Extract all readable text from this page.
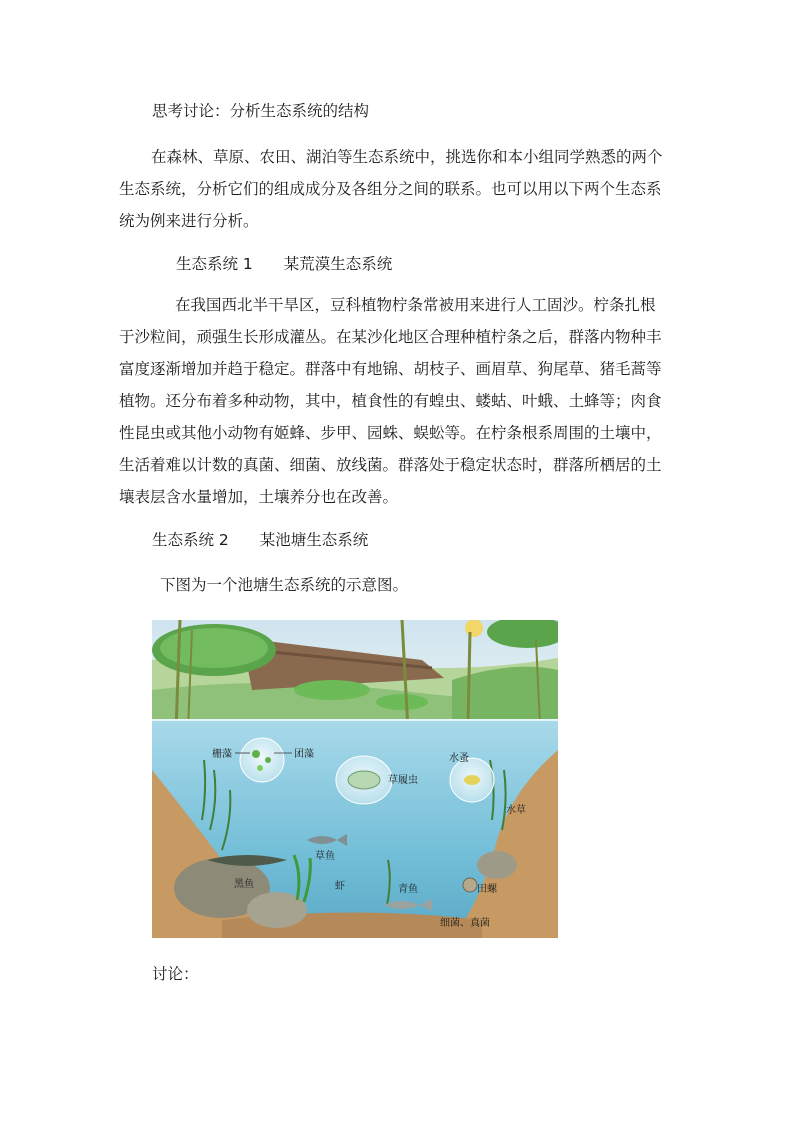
思考讨论：分析生态系统的结构
在森林、草原、农田、湖泊等生态系统中，挑选你和本小组同学熟悉的两个
生态系统，分析它们的组成成分及各组分之间的联系。也可以用以下两个生态系
统为例来进行分析。
生态系统 1　　某荒漠生态系统
在我国西北半干旱区，豆科植物柠条常被用来进行人工固沙。柠条扎根
于沙粒间，顽强生长形成灌丛。在某沙化地区合理种植柠条之后，群落内物种丰
富度逐渐增加并趋于稳定。群落中有地锦、胡枝子、画眉草、狗尾草、猪毛蒿等
植物。还分布着多种动物，其中，植食性的有蝗虫、蝼蛄、叶蛾、土蜂等；肉食
性昆虫或其他小动物有姬蜂、步甲、园蛛、蜈蚣等。在柠条根系周围的土壤中，
生活着难以计数的真菌、细菌、放线菌。群落处于稳定状态时，群落所栖居的土
壤表层含水量增加，土壤养分也在改善。
生态系统 2　　某池塘生态系统
下图为一个池塘生态系统的示意图。
栅藻	团藻	水蚤
草履虫
水草
草鱼
黑鱼	虾	青鱼	田螺
细菌、真菌
讨论：
